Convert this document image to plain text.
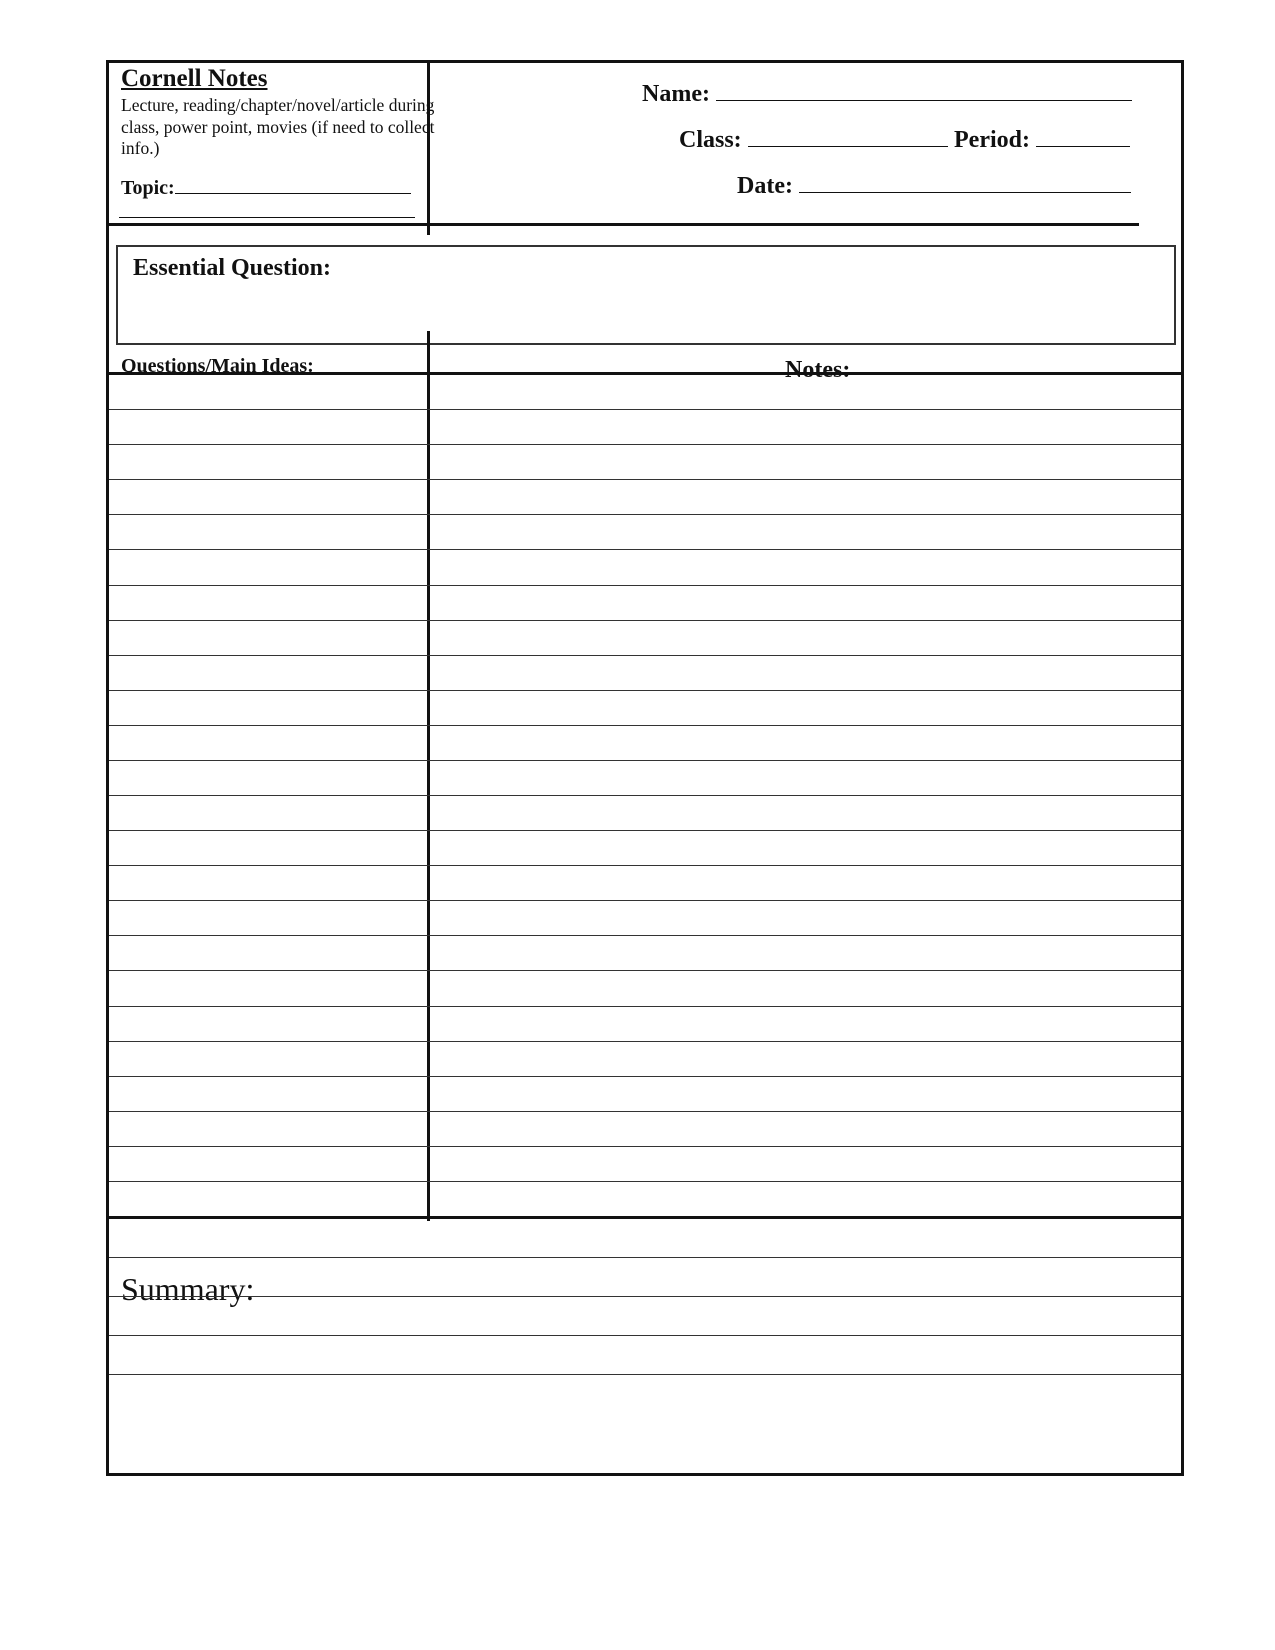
Cornell Notes
Lecture, reading/chapter/novel/article during class, power point, movies (if need to collect info.)
Topic:
Name:
Class:	Period:
Date:
Essential Question:
Questions/Main Ideas:	Notes:
Summary:
